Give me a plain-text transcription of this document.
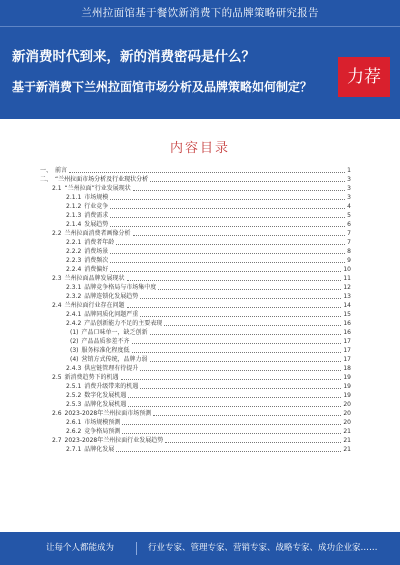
兰州拉面馆基于餐饮新消费下的品牌策略研究报告
新消费时代到来，新的消费密码是什么？
基于新消费下兰州拉面馆市场分析及品牌策略如何制定？	力荐
内容目录
一、 前言	1
二、 “兰州拉面市场分析及行业现状分析	3
2.1 “兰州拉面”行业发展现状	3
2.1.1 市场规模	3
2.1.2 行业竞争	4
2.1.3 消费需求	5
2.1.4 发展趋势	6
2.2 兰州拉面消费者画像分析	7
2.2.1 消费者年龄	7
2.2.2 消费场景	8
2.2.3 消费频次	9
2.2.4 消费偏好	10
2.3 兰州拉面品牌发展现状	11
2.3.1 品牌竞争格局与市场集中度	12
2.3.2 品牌连锁化发展趋势	13
2.4 兰州拉面行业存在问题	14
2.4.1 品牌同质化问题严重	15
2.4.2 产品创新能力不足的主要表现	16
(1) 产品口味单一，缺乏创新	16
(2) 产品品质参差不齐	17
(3) 服务标准化程度低	17
(4) 营销方式传统，品牌力弱	17
2.4.3 供应链管理有待提升	18
2.5 新消费趋势下的机遇	19
2.5.1 消费升级带来的机遇	19
2.5.2 数字化发展机遇	19
2.5.3 品牌化发展机遇	20
2.6 2023-2028年兰州拉面市场预测	20
2.6.1 市场规模预测	20
2.6.2 竞争格局预测	21
2.7 2023-2028年兰州拉面行业发展趋势	21
2.7.1 品牌化发展	21
让每个人都能成为	行业专家、管理专家、营销专家、战略专家、成功企业家……
